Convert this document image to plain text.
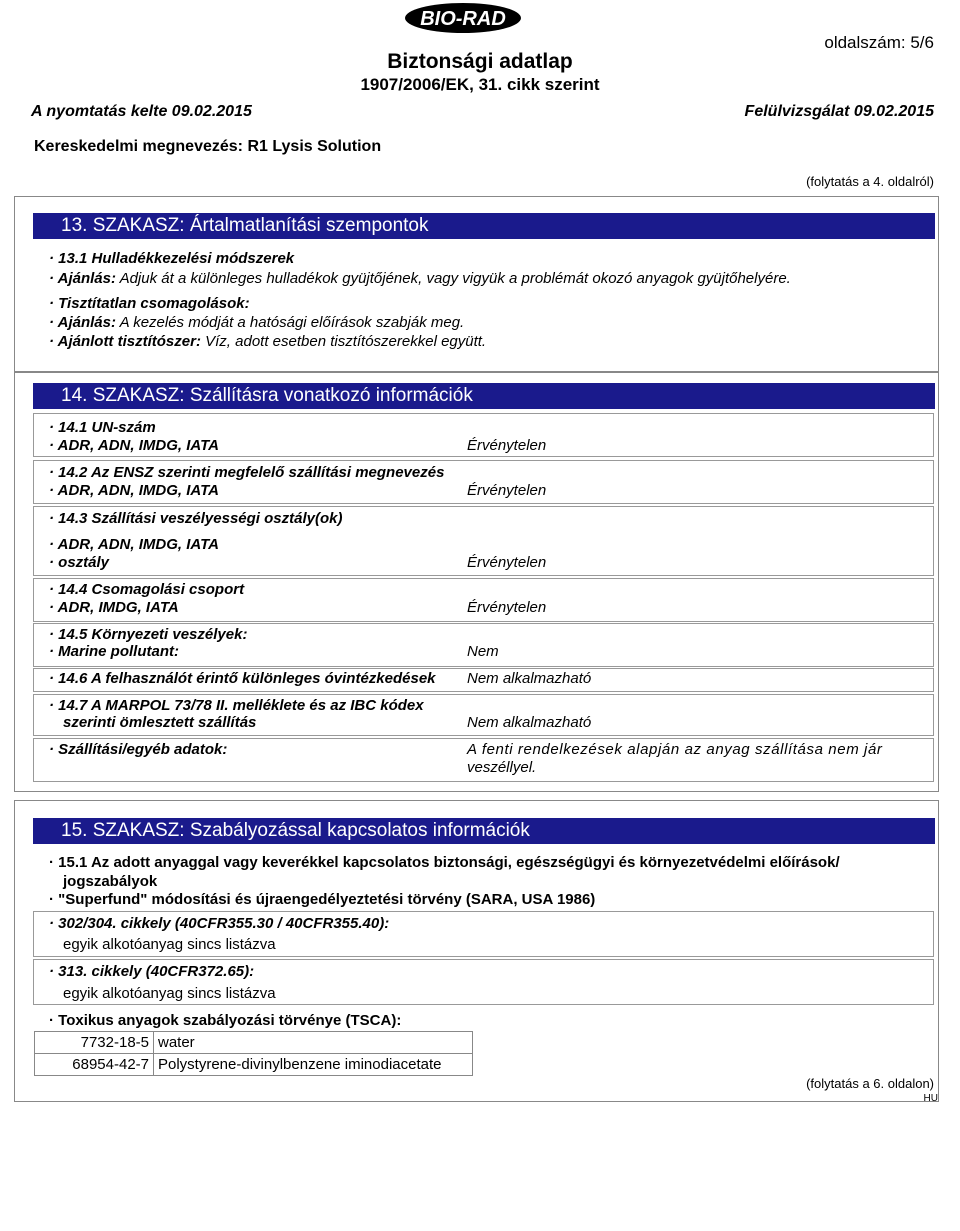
BIO-RAD
oldalszám: 5/6
Biztonsági adatlap
1907/2006/EK, 31. cikk szerint
A nyomtatás kelte 09.02.2015	Felülvizsgálat 09.02.2015
Kereskedelmi megnevezés: R1 Lysis Solution
(folytatás a 4. oldalról)
13. SZAKASZ: Ártalmatlanítási szempontok
· 13.1 Hulladékkezelési módszerek
· Ajánlás: Adjuk át a különleges hulladékok gyüjtőjének, vagy vigyük a problémát okozó anyagok gyüjtőhelyére.
· Tisztítatlan csomagolások:
· Ajánlás: A kezelés módját a hatósági előírások szabják meg.
· Ajánlott tisztítószer: Víz, adott esetben tisztítószerekkel együtt.
14. SZAKASZ: Szállításra vonatkozó információk
· 14.1 UN-szám
· ADR, ADN, IMDG, IATA	Érvénytelen
· 14.2 Az ENSZ szerinti megfelelő szállítási megnevezés
· ADR, ADN, IMDG, IATA	Érvénytelen
· 14.3 Szállítási veszélyességi osztály(ok)
· ADR, ADN, IMDG, IATA
· osztály	Érvénytelen
· 14.4 Csomagolási csoport
· ADR, IMDG, IATA	Érvénytelen
· 14.5 Környezeti veszélyek:
· Marine pollutant:	Nem
· 14.6 A felhasználót érintő különleges óvintézkedések Nem alkalmazható
· 14.7 A MARPOL 73/78 II. melléklete és az IBC kódex
szerinti ömlesztett szállítás	Nem alkalmazható
· Szállítási/egyéb adatok:	A fenti rendelkezések alapján az anyag szállítása nem jár
veszéllyel.
15. SZAKASZ: Szabályozással kapcsolatos információk
· 15.1 Az adott anyaggal vagy keverékkel kapcsolatos biztonsági, egészségügyi és környezetvédelmi előírások/
jogszabályok
· "Superfund" módosítási és újraengedélyeztetési törvény (SARA, USA 1986)
· 302/304. cikkely (40CFR355.30 / 40CFR355.40):
egyik alkotóanyag sincs listázva
· 313. cikkely (40CFR372.65):
egyik alkotóanyag sincs listázva
· Toxikus anyagok szabályozási törvénye (TSCA):
7732-18-5	water
68954-42-7	Polystyrene-divinylbenzene iminodiacetate
(folytatás a 6. oldalon)
HU
